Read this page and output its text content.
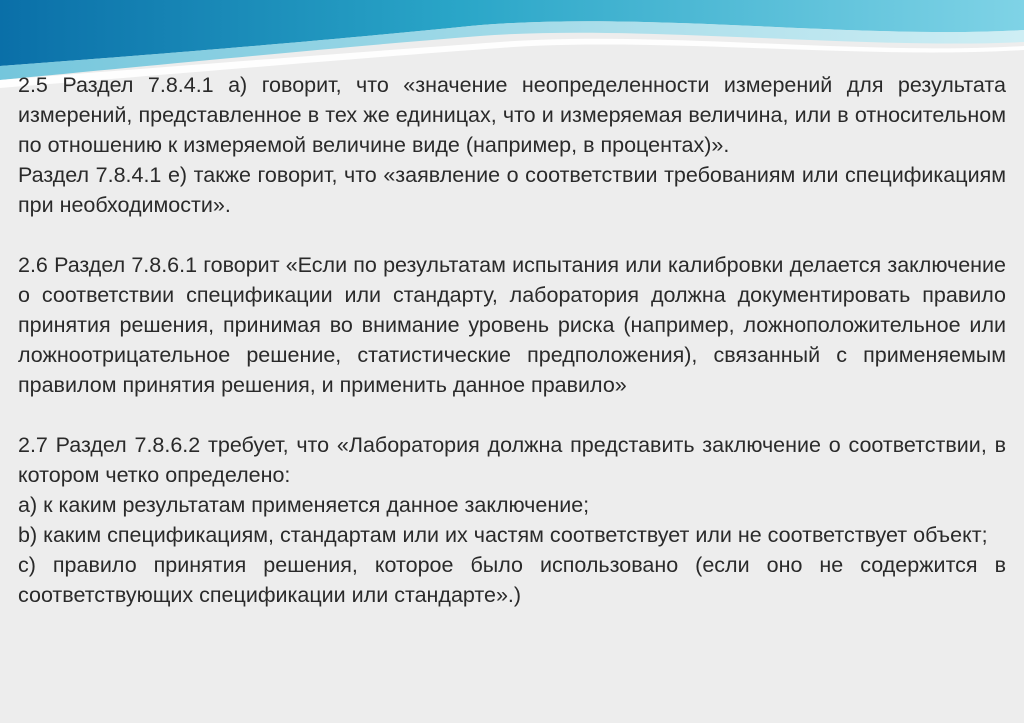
2.5 Раздел 7.8.4.1 а) говорит, что «значение неопределенности измерений для результата измерений, представленное в тех же единицах, что и измеряемая величина, или в относительном по отношению к измеряемой величине виде (например, в процентах)».

Раздел 7.8.4.1 е) также говорит, что «заявление о соответствии требованиям или спецификациям при необходимости».

2.6 Раздел 7.8.6.1 говорит «Если по результатам испытания или калибровки делается заключение о соответствии спецификации или стандарту, лаборатория должна документировать правило принятия решения, принимая во внимание уровень риска (например, ложноположительное или ложноотрицательное решение, статистические предположения), связанный с применяемым правилом принятия решения, и применить данное правило»

2.7 Раздел 7.8.6.2 требует, что «Лаборатория должна представить заключение о соответствии, в котором четко определено:

а) к каким результатам применяется данное заключение;

b) каким спецификациям, стандартам или их частям соответствует или не соответствует объект;

с) правило принятия решения, которое было использовано (если оно не содержится в соответствующих спецификации или стандарте».)
